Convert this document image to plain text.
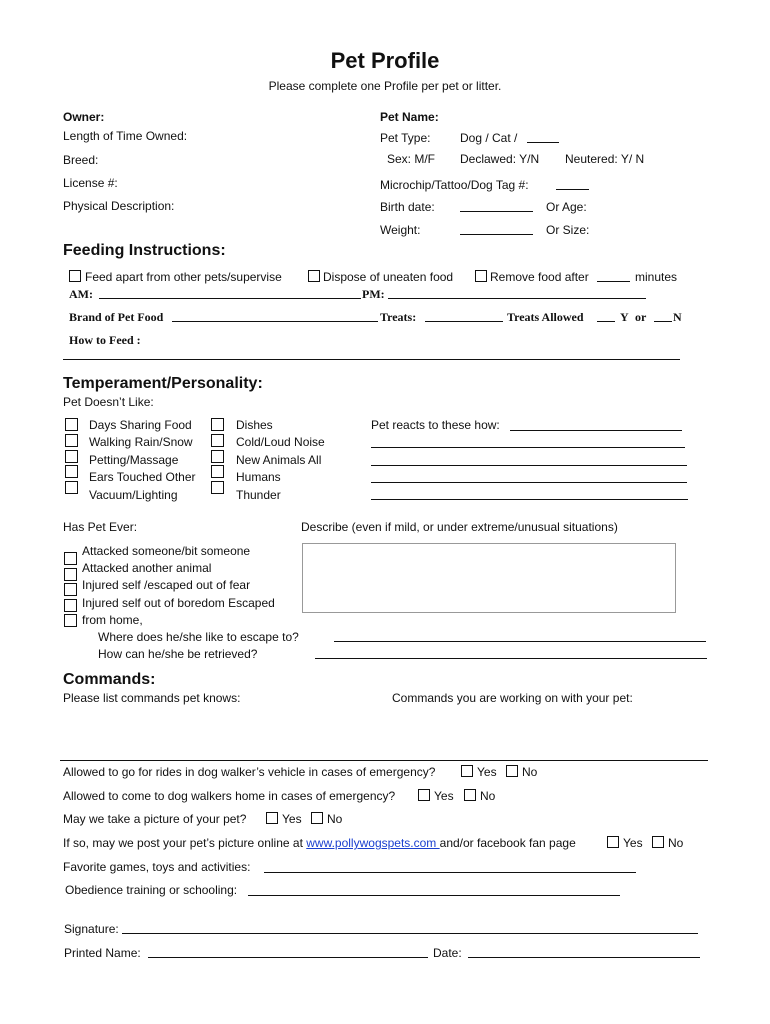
Pet Profile
Please complete one Profile per pet or litter.
Owner:
Length of Time Owned:
Breed:
License #:
Physical Description:
Pet Name:
Pet Type: Dog / Cat /
Sex: M/F Declawed: Y/N Neutered: Y/ N
Microchip/Tattoo/Dog Tag #:
Birth date:	Or Age:
Weight:	Or Size:
Feeding Instructions:
Feed apart from other pets/supervise	Dispose of uneaten food	Remove food after	minutes
AM:	PM:
Brand of Pet Food	Treats:	Treats Allowed	Y or N
How to Feed :
Temperament/Personality:
Pet Doesn’t Like:
Days Sharing Food
Walking Rain/Snow
Petting/Massage
Ears Touched Other
Vacuum/Lighting
Dishes
Cold/Loud Noise
New Animals All
Humans
Thunder
Pet reacts to these how:
Has Pet Ever:	Describe (even if mild, or under extreme/unusual situations)
Attacked someone/bit someone
Attacked another animal
Injured self /escaped out of fear
Injured self out of boredom Escaped
from home,
Where does he/she like to escape to?
How can he/she be retrieved?
Commands:
Please list commands pet knows:	Commands you are working on with your pet:
Allowed to go for rides in dog walker’s vehicle in cases of emergency?	Yes No
Allowed to come to dog walkers home in cases of emergency?	Yes No
May we take a picture of your pet?	Yes No
If so, may we post your pet’s picture online at www.pollywogspets.com and/or facebook fan page	Yes No
Favorite games, toys and activities:
Obedience training or schooling:
Signature:
Printed Name:	Date:
